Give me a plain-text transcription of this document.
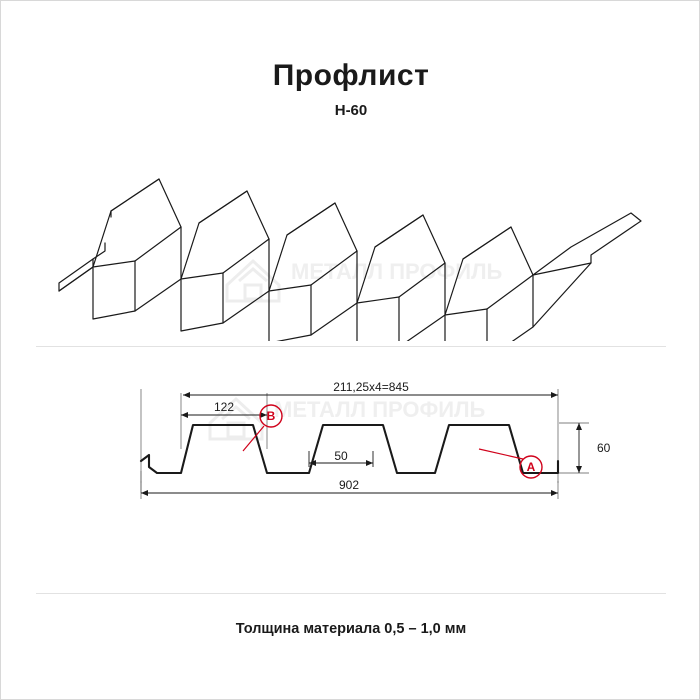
Профлист
Н-60
МЕТАЛЛ ПРОФИЛЬ
МЕТАЛЛ ПРОФИЛЬ
211,25х4=845
122
50
902
60
A
B
Толщина материала 0,5 – 1,0 мм
